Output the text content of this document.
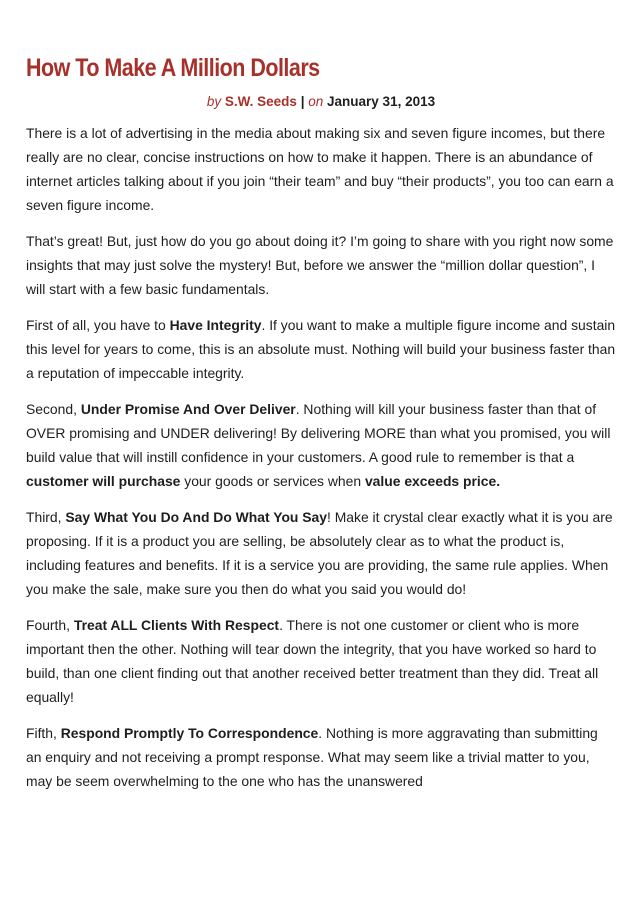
How To Make A Million Dollars
by S.W. Seeds | on January 31, 2013

There is a lot of advertising in the media about making six and seven figure incomes, but there really are no clear, concise instructions on how to make it happen. There is an abundance of internet articles talking about if you join “their team” and buy “their products”, you too can earn a seven figure income.

That’s great! But, just how do you go about doing it? I’m going to share with you right now some insights that may just solve the mystery! But, before we answer the “million dollar question”, I will start with a few basic fundamentals.

First of all, you have to Have Integrity. If you want to make a multiple figure income and sustain this level for years to come, this is an absolute must. Nothing will build your business faster than a reputation of impeccable integrity.

Second, Under Promise And Over Deliver. Nothing will kill your business faster than that of OVER promising and UNDER delivering! By delivering MORE than what you promised, you will build value that will instill confidence in your customers. A good rule to remember is that a customer will purchase your goods or services when value exceeds price.

Third, Say What You Do And Do What You Say! Make it crystal clear exactly what it is you are proposing. If it is a product you are selling, be absolutely clear as to what the product is, including features and benefits. If it is a service you are providing, the same rule applies. When you make the sale, make sure you then do what you said you would do!

Fourth, Treat ALL Clients With Respect. There is not one customer or client who is more important then the other. Nothing will tear down the integrity, that you have worked so hard to build, than one client finding out that another received better treatment than they did. Treat all equally!

Fifth, Respond Promptly To Correspondence. Nothing is more aggravating than submitting an enquiry and not receiving a prompt response. What may seem like a trivial matter to you, may be seem overwhelming to the one who has the unanswered
